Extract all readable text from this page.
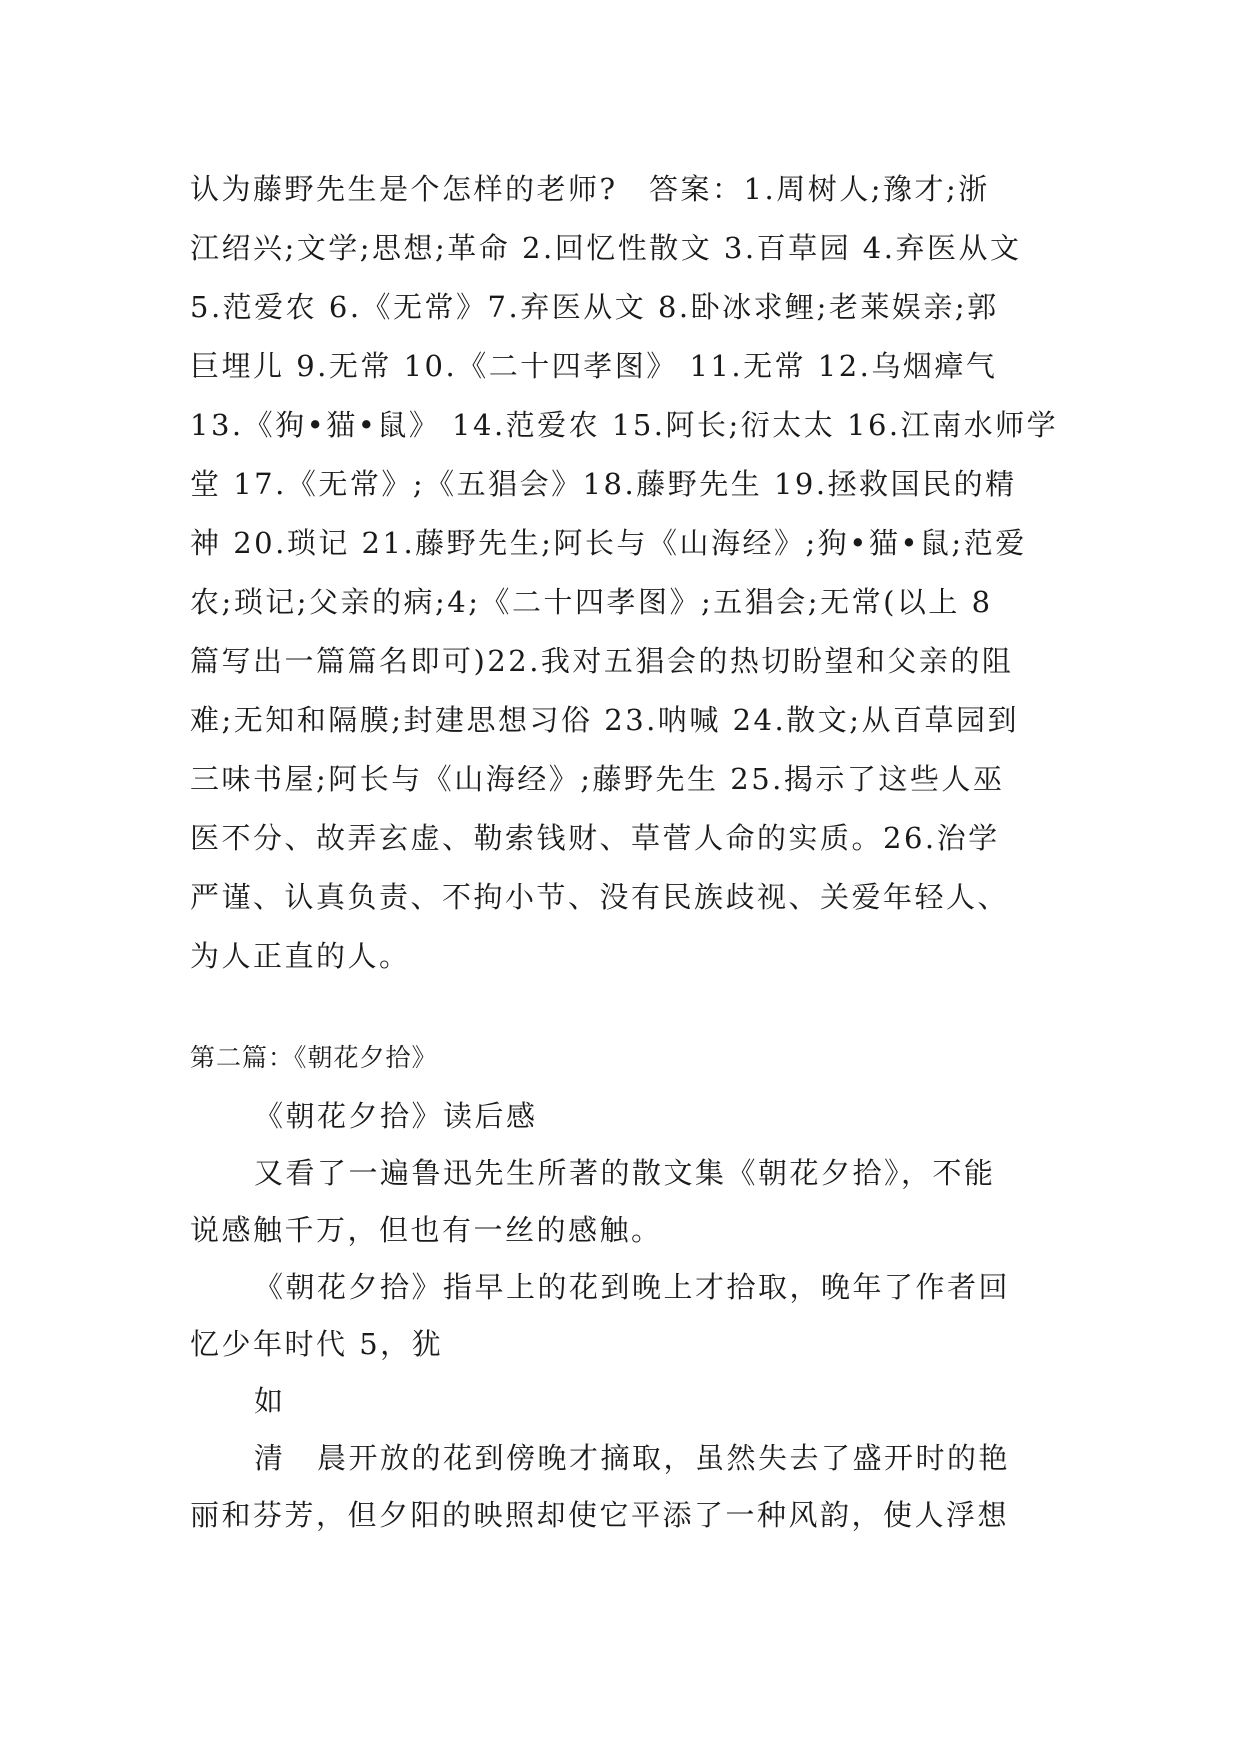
认为藤野先生是个怎样的老师?　答案：1.周树人;豫才;浙
江绍兴;文学;思想;革命 2.回忆性散文 3.百草园 4.弃医从文
5.范爱农 6.《无常》7.弃医从文 8.卧冰求鲤;老莱娱亲;郭
巨埋儿 9.无常 10.《二十四孝图》 11.无常 12.乌烟瘴气
13.《狗•猫•鼠》 14.范爱农 15.阿长;衍太太 16.江南水师学
堂 17.《无常》;《五猖会》18.藤野先生 19.拯救国民的精
神 20.琐记 21.藤野先生;阿长与《山海经》;狗•猫•鼠;范爱
农;琐记;父亲的病;4;《二十四孝图》;五猖会;无常(以上 8
篇写出一篇篇名即可)22.我对五猖会的热切盼望和父亲的阻
难;无知和隔膜;封建思想习俗 23.呐喊 24.散文;从百草园到
三味书屋;阿长与《山海经》;藤野先生 25.揭示了这些人巫
医不分、故弄玄虚、勒索钱财、草菅人命的实质。26.治学
严谨、认真负责、不拘小节、没有民族歧视、关爱年轻人、
为人正直的人。
第二篇：《朝花夕拾》
《朝花夕拾》读后感
又看了一遍鲁迅先生所著的散文集《朝花夕拾》，不能
说感触千万，但也有一丝的感触。
《朝花夕拾》指早上的花到晚上才拾取，晚年了作者回
忆少年时代 5，犹
如
清　晨开放的花到傍晚才摘取，虽然失去了盛开时的艳
丽和芬芳，但夕阳的映照却使它平添了一种风韵，使人浮想
